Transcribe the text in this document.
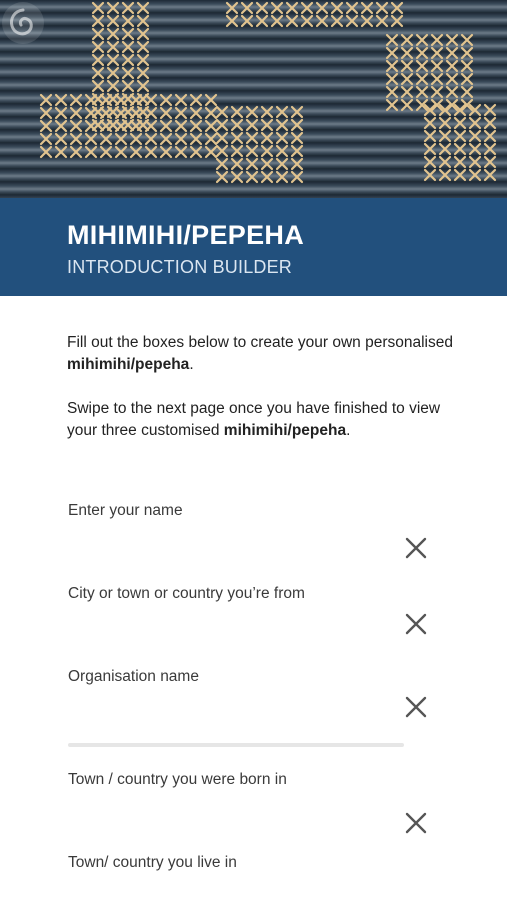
MIHIMIHI/PEPEHA

INTRODUCTION BUILDER

Fill out the boxes below to create your own personalised mihimihi/pepeha.

Swipe to the next page once you have finished to view your three customised mihimihi/pepeha.

Enter your name

City or town or country you’re from

Organisation name

Town / country you were born in

Town/ country you live in
